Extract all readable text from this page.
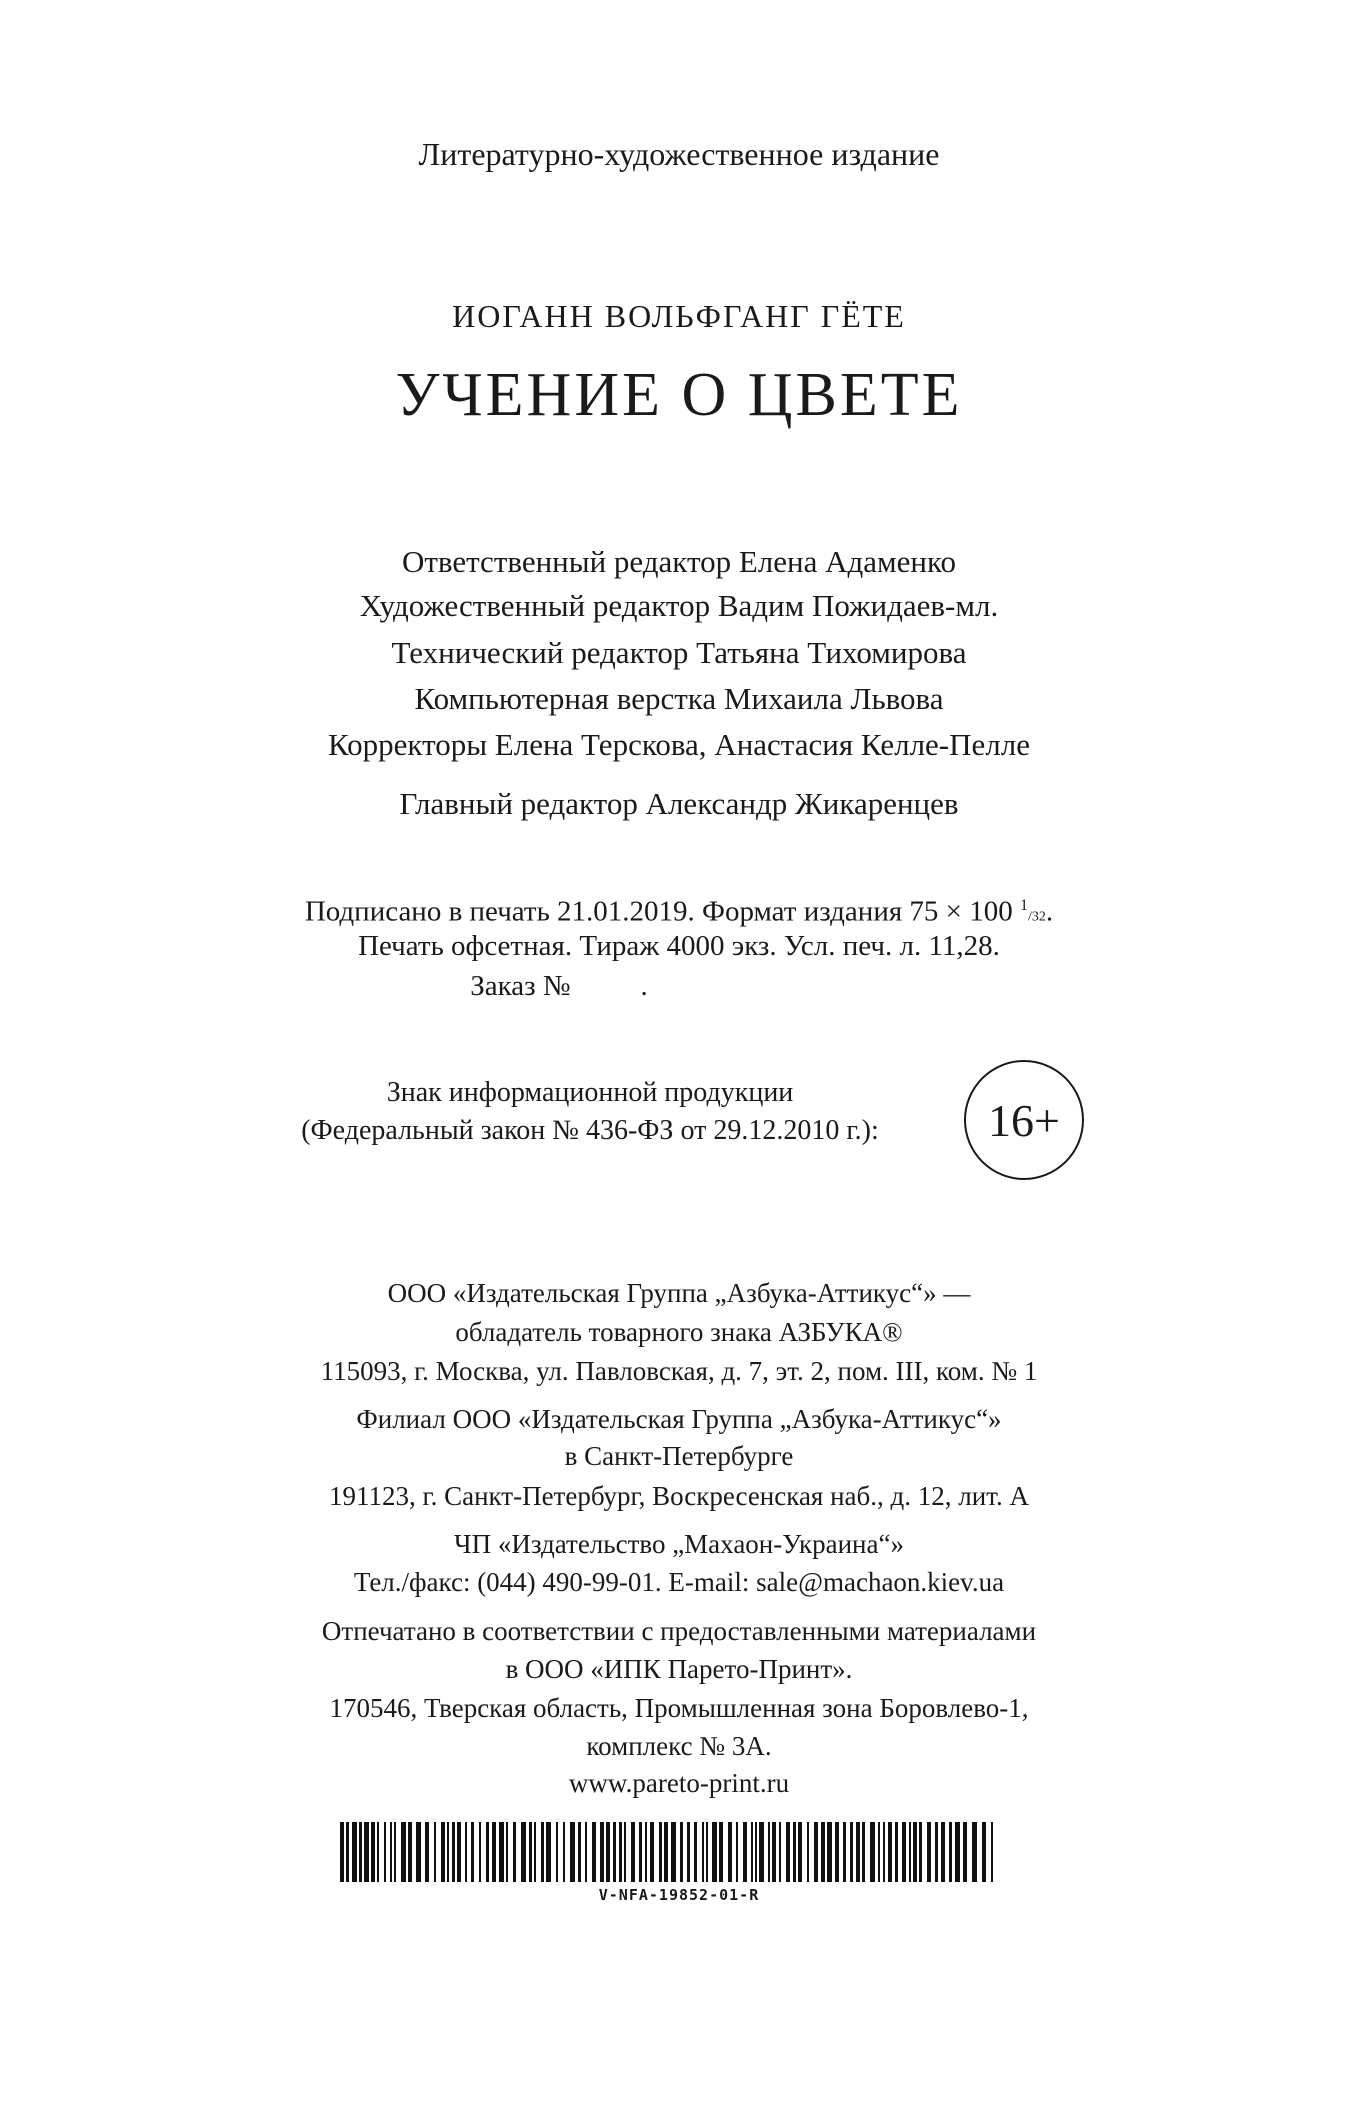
Литературно-художественное издание
ИОГАНН ВОЛЬФГАНГ ГЁТЕ
УЧЕНИЕ О ЦВЕТЕ
Ответственный редактор Елена Адаменко
Художественный редактор Вадим Пожидаев-мл.
Технический редактор Татьяна Тихомирова
Компьютерная верстка Михаила Львова
Корректоры Елена Терскова, Анастасия Келле-Пелле
Главный редактор Александр Жикаренцев
Подписано в печать 21.01.2019. Формат издания 75 × 100 $^1$/32.
Печать офсетная. Тираж 4000 экз. Усл. печ. л. 11,28.
Заказ № .
Знак информационной продукции
(Федеральный закон № 436-ФЗ от 29.12.2010 г.):	16+
ООО «Издательская Группа „Азбука-Аттикус“» —
обладатель товарного знака АЗБУКА®
115093, г. Москва, ул. Павловская, д. 7, эт. 2, пом. III, ком. № 1
Филиал ООО «Издательская Группа „Азбука-Аттикус“»
в Санкт-Петербурге
191123, г. Санкт-Петербург, Воскресенская наб., д. 12, лит. А
ЧП «Издательство „Махаон-Украина“»
Тел./факс: (044) 490-99-01. E-mail: sale@machaon.kiev.ua
Отпечатано в соответствии с предоставленными материалами
в ООО «ИПК Парето-Принт».
170546, Тверская область, Промышленная зона Боровлево-1,
комплекс № 3А.
www.pareto-print.ru
V-NFA-19852-01-R
